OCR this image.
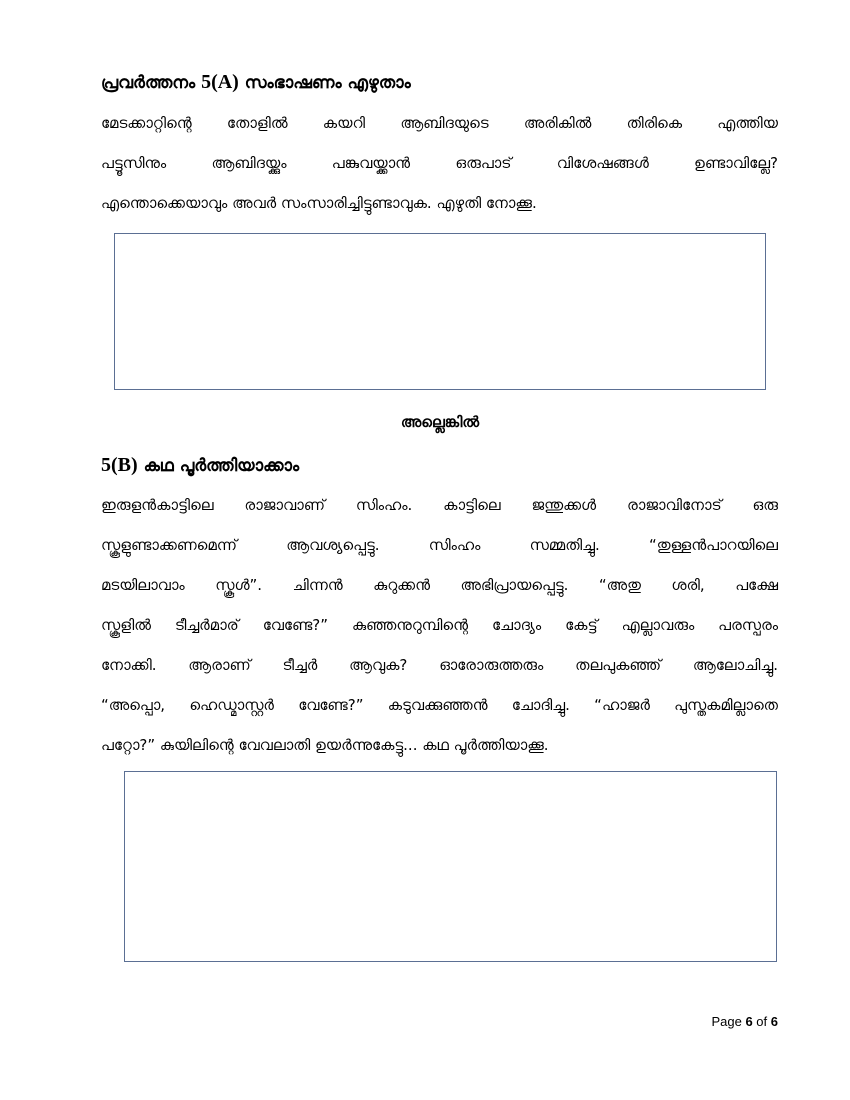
പ്രവർത്തനം 5(A) സംഭാഷണം എഴുതാം
മേടക്കാറ്റിന്റെ തോളിൽ കയറി ആബിദയുടെ അരികിൽ തിരികെ എത്തിയ
പട്ടൂസിനും ആബിദയ്ക്കും പങ്കുവയ്ക്കാൻ ഒരുപാട് വിശേഷങ്ങൾ ഉണ്ടാവില്ലേ?
എന്തൊക്കെയാവും അവർ സംസാരിച്ചിട്ടുണ്ടാവുക. എഴുതി നോക്കൂ.
അല്ലെങ്കിൽ
5(B) കഥ പൂർത്തിയാക്കാം
ഇരുളൻകാട്ടിലെ രാജാവാണ് സിംഹം. കാട്ടിലെ ജന്തുക്കൾ രാജാവിനോട് ഒരു
സ്കൂളുണ്ടാക്കണമെന്ന് ആവശ്യപ്പെട്ടു. സിംഹം സമ്മതിച്ചു. “തുള്ളൻപാറയിലെ
മടയിലാവാം സ്കൂൾ”. ചിന്നൻ കുറുക്കൻ അഭിപ്രായപ്പെട്ടു. “അതു ശരി, പക്ഷേ
സ്കൂളിൽ ടീച്ചർമാര് വേണ്ടേ?” കുഞ്ഞനുറുമ്പിന്റെ ചോദ്യം കേട്ട് എല്ലാവരും പരസ്പരം
നോക്കി. ആരാണ് ടീച്ചർ ആവുക? ഓരോരുത്തരും തലപുകഞ്ഞ് ആലോചിച്ചു.
“അപ്പൊ, ഹെഡ്മാസ്റ്റർ വേണ്ടേ?” കടുവക്കുഞ്ഞൻ ചോദിച്ചു. “ഹാജർ പുസ്തകമില്ലാതെ
പറ്റോ?” കുയിലിന്റെ വേവലാതി ഉയർന്നുകേട്ടു... കഥ പൂർത്തിയാക്കൂ.
Page 6 of 6
